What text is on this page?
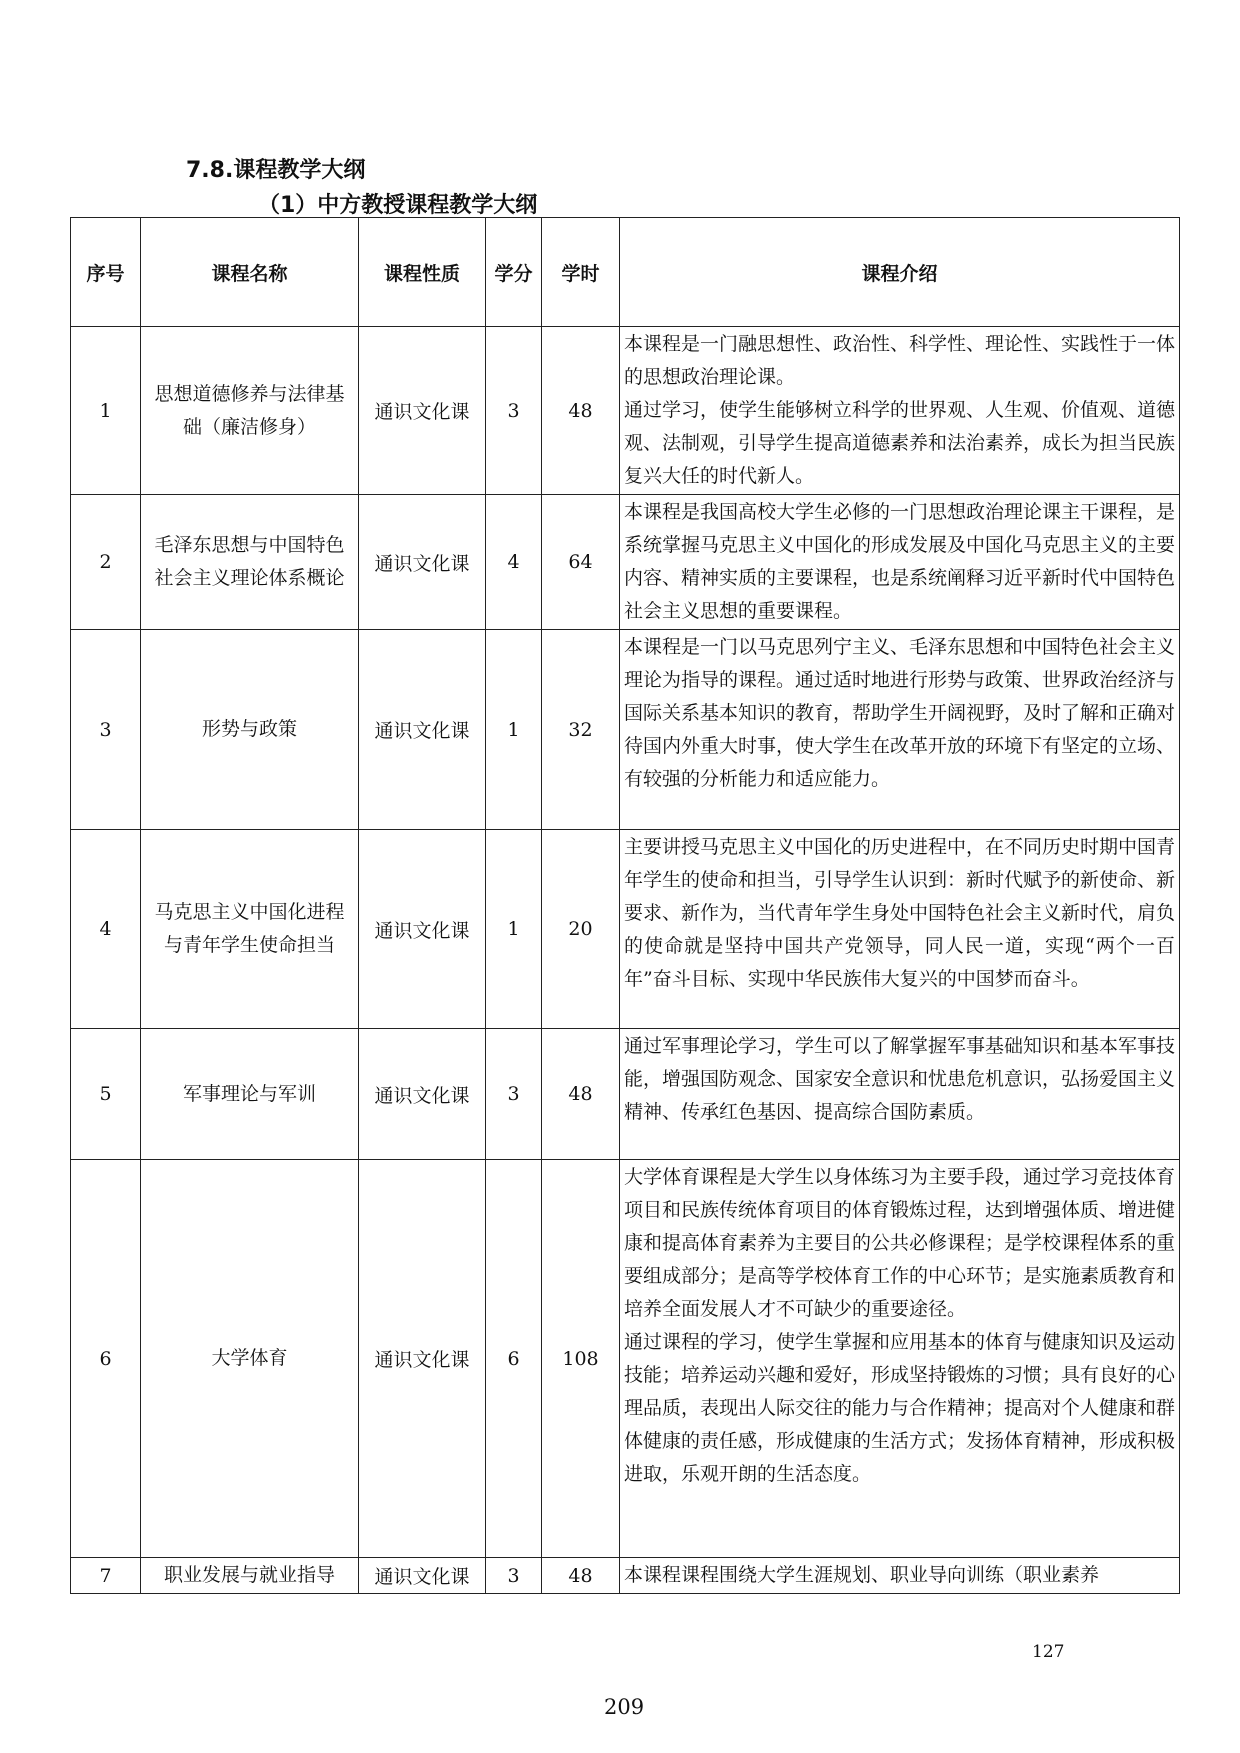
7.8.课程教学大纲
（1）中方教授课程教学大纲
序号	课程名称	课程性质	学分	学时	课程介绍
1	思想道德修养与法律基础（廉洁修身）	通识文化课	3	48	本课程是一门融思想性、政治性、科学性、理论性、实践性于一体的思想政治理论课。
通过学习，使学生能够树立科学的世界观、人生观、价值观、道德观、法制观，引导学生提高道德素养和法治素养，成长为担当民族复兴大任的时代新人。
2	毛泽东思想与中国特色社会主义理论体系概论	通识文化课	4	64	本课程是我国高校大学生必修的一门思想政治理论课主干课程，是系统掌握马克思主义中国化的形成发展及中国化马克思主义的主要内容、精神实质的主要课程，也是系统阐释习近平新时代中国特色社会主义思想的重要课程。
3	形势与政策	通识文化课	1	32	本课程是一门以马克思列宁主义、毛泽东思想和中国特色社会主义理论为指导的课程。通过适时地进行形势与政策、世界政治经济与国际关系基本知识的教育，帮助学生开阔视野，及时了解和正确对待国内外重大时事，使大学生在改革开放的环境下有坚定的立场、有较强的分析能力和适应能力。
4	马克思主义中国化进程与青年学生使命担当	通识文化课	1	20	主要讲授马克思主义中国化的历史进程中，在不同历史时期中国青年学生的使命和担当，引导学生认识到：新时代赋予的新使命、新要求、新作为，当代青年学生身处中国特色社会主义新时代，肩负的使命就是坚持中国共产党领导，同人民一道，实现“两个一百年”奋斗目标、实现中华民族伟大复兴的中国梦而奋斗。
5	军事理论与军训	通识文化课	3	48	通过军事理论学习，学生可以了解掌握军事基础知识和基本军事技能，增强国防观念、国家安全意识和忧患危机意识，弘扬爱国主义精神、传承红色基因、提高综合国防素质。
6	大学体育	通识文化课	6	108	大学体育课程是大学生以身体练习为主要手段，通过学习竞技体育项目和民族传统体育项目的体育锻炼过程，达到增强体质、增进健康和提高体育素养为主要目的公共必修课程；是学校课程体系的重要组成部分；是高等学校体育工作的中心环节；是实施素质教育和培养全面发展人才不可缺少的重要途径。
通过课程的学习，使学生掌握和应用基本的体育与健康知识及运动技能；培养运动兴趣和爱好，形成坚持锻炼的习惯；具有良好的心理品质，表现出人际交往的能力与合作精神；提高对个人健康和群体健康的责任感，形成健康的生活方式；发扬体育精神，形成积极进取，乐观开朗的生活态度。
7	职业发展与就业指导	通识文化课	3	48	本课程课程围绕大学生涯规划、职业导向训练（职业素养
127
209
